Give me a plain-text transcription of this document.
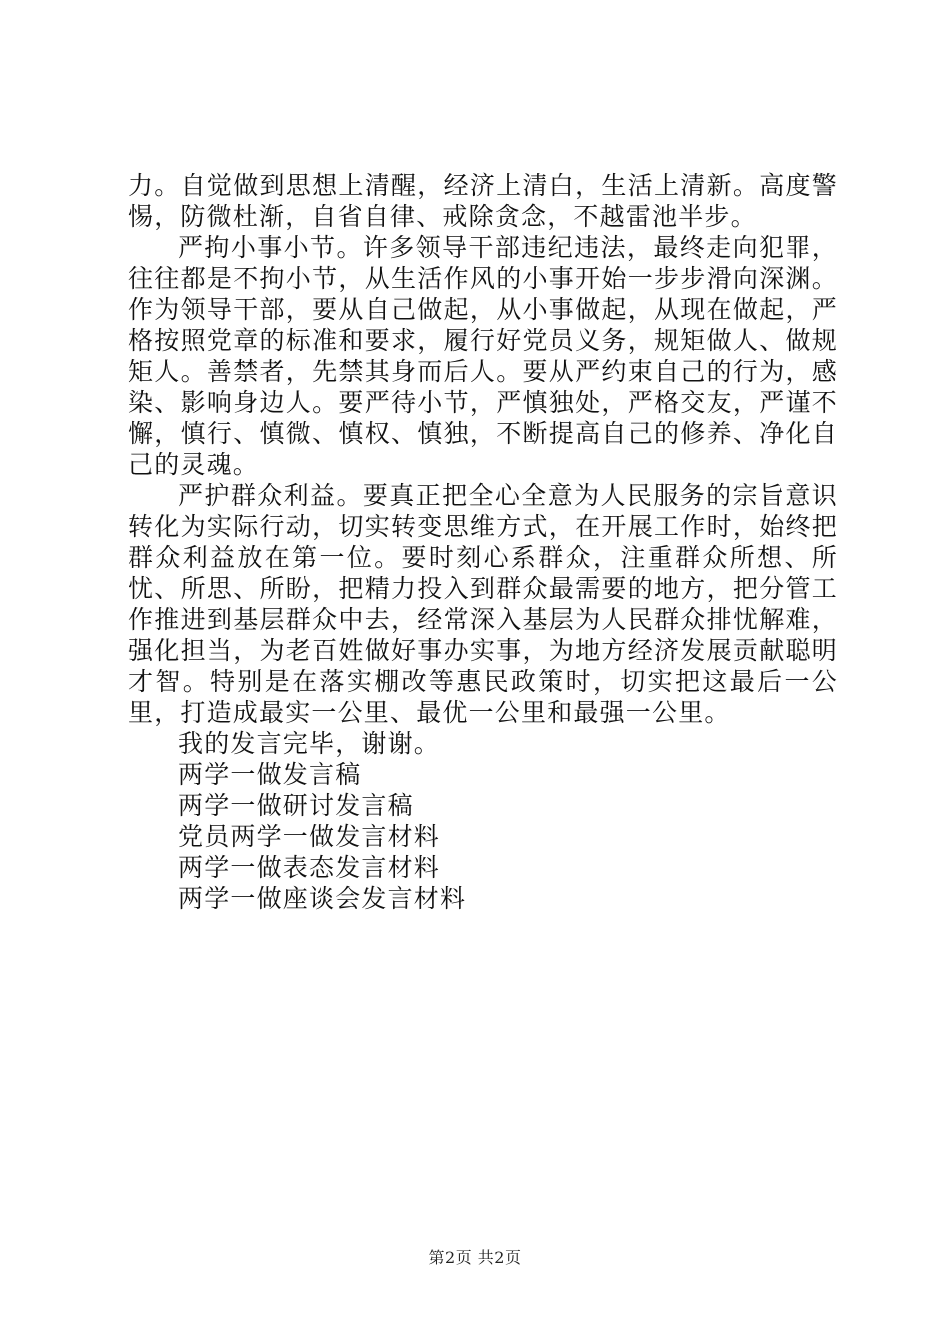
力。自觉做到思想上清醒，经济上清白，生活上清新。高度警惕，防微杜渐，自省自律、戒除贪念，不越雷池半步。

严拘小事小节。许多领导干部违纪违法，最终走向犯罪，往往都是不拘小节，从生活作风的小事开始一步步滑向深渊。作为领导干部，要从自己做起，从小事做起，从现在做起，严格按照党章的标准和要求，履行好党员义务，规矩做人、做规矩人。善禁者，先禁其身而后人。要从严约束自己的行为，感染、影响身边人。要严待小节，严慎独处，严格交友，严谨不懈，慎行、慎微、慎权、慎独，不断提高自己的修养、净化自己的灵魂。

严护群众利益。要真正把全心全意为人民服务的宗旨意识转化为实际行动，切实转变思维方式，在开展工作时，始终把群众利益放在第一位。要时刻心系群众，注重群众所想、所忧、所思、所盼，把精力投入到群众最需要的地方，把分管工作推进到基层群众中去，经常深入基层为人民群众排忧解难，强化担当，为老百姓做好事办实事，为地方经济发展贡献聪明才智。特别是在落实棚改等惠民政策时，切实把这最后一公里，打造成最实一公里、最优一公里和最强一公里。

我的发言完毕，谢谢。

两学一做发言稿

两学一做研讨发言稿

党员两学一做发言材料

两学一做表态发言材料

两学一做座谈会发言材料

第2页 共2页
